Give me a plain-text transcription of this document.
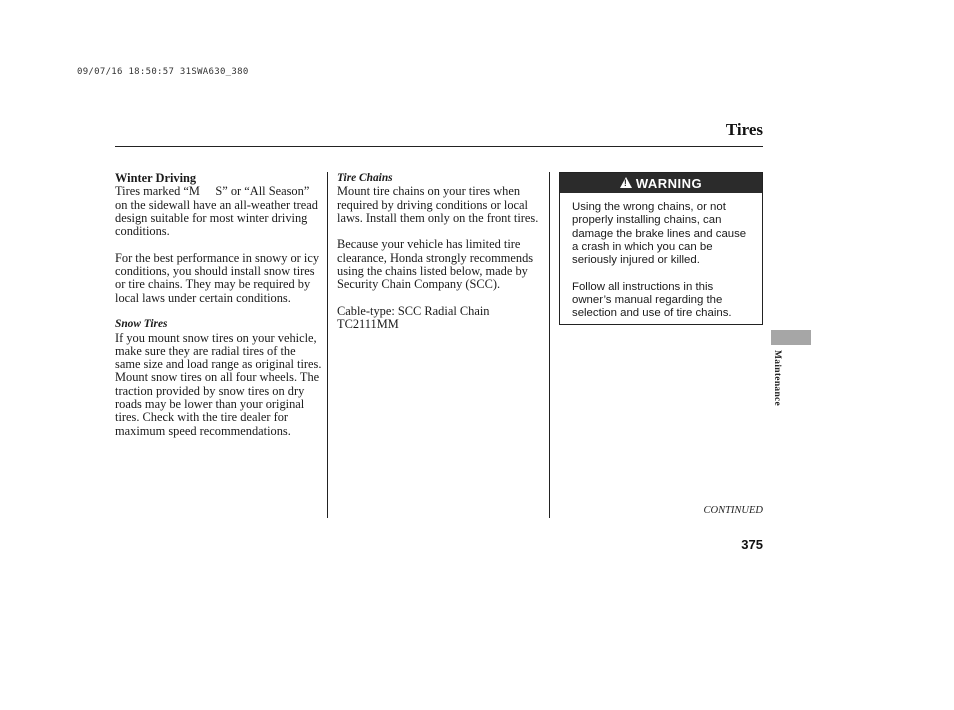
09/07/16 18:50:57 31SWA630_380
Tires
Winter Driving

Tires marked “M     S” or “All Season” on the sidewall have an all-weather tread design suitable for most winter driving conditions.

For the best performance in snowy or icy conditions, you should install snow tires or tire chains. They may be required by local laws under certain conditions.

Snow Tires

If you mount snow tires on your vehicle, make sure they are radial tires of the same size and load range as original tires. Mount snow tires on all four wheels. The traction provided by snow tires on dry roads may be lower than your original tires. Check with the tire dealer for maximum speed recommendations.

Tire Chains

Mount tire chains on your tires when required by driving conditions or local laws. Install them only on the front tires.

Because your vehicle has limited tire clearance, Honda strongly recommends using the chains listed below, made by Security Chain Company (SCC).

Cable-type: SCC Radial Chain
TC2111MM
!
WARNING

Using the wrong chains, or not properly installing chains, can damage the brake lines and cause a crash in which you can be seriously injured or killed.

Follow all instructions in this owner’s manual regarding the selection and use of tire chains.

Maintenance
CONTINUED
375
